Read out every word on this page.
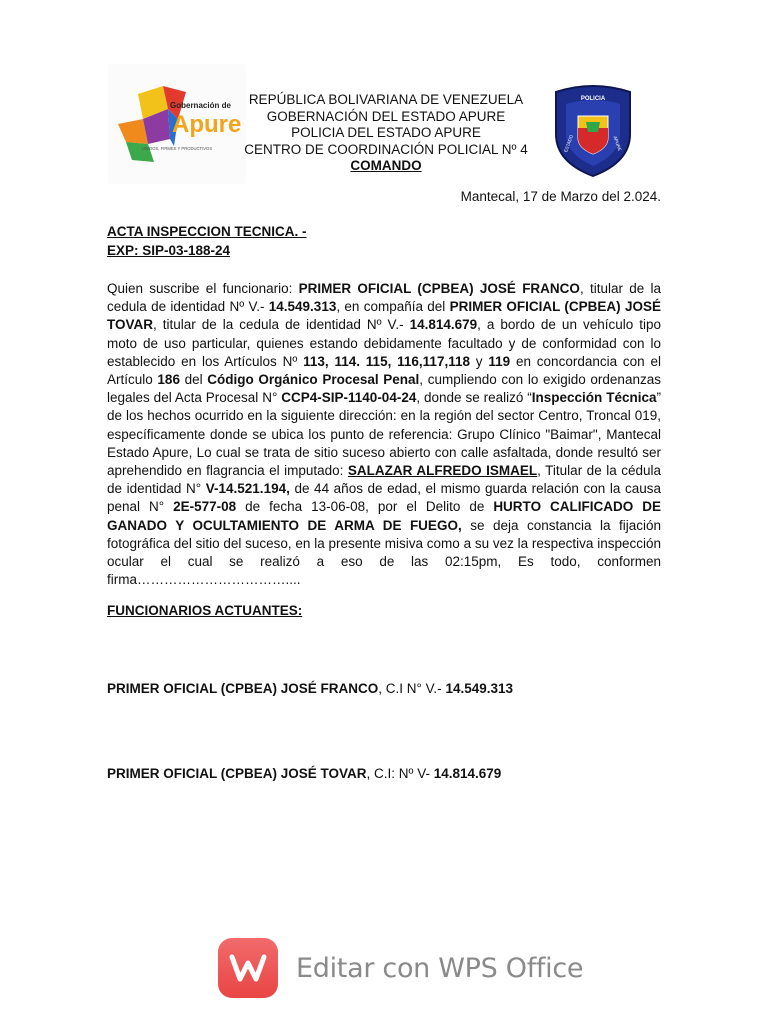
Gobernación de
Apure
UNIDOS, FIRMES Y PRODUCTIVOS
POLICIA
ESTADO	APURE
REPÚBLICA BOLIVARIANA DE VENEZUELA
GOBERNACIÓN DEL ESTADO APURE
POLICIA DEL ESTADO APURE
CENTRO DE COORDINACIÓN POLICIAL Nº 4
COMANDO
Mantecal, 17 de Marzo del 2.024.
ACTA INSPECCION TECNICA. -
EXP: SIP-03-188-24
Quien suscribe el funcionario: PRIMER OFICIAL (CPBEA) JOSÉ FRANCO, titular de la cedula de identidad Nº V.- 14.549.313, en compañía del PRIMER OFICIAL (CPBEA) JOSÉ TOVAR, titular de la cedula de identidad Nº V.- 14.814.679, a bordo de un vehículo tipo moto de uso particular, quienes estando debidamente facultado y de conformidad con lo establecido en los Artículos Nº 113, 114. 115, 116,117,118 y 119 en concordancia con el Artículo 186 del Código Orgánico Procesal Penal, cumpliendo con lo exigido ordenanzas legales del Acta Procesal N° CCP4-SIP-1140-04-24, donde se realizó “Inspección Técnica” de los hechos ocurrido en la siguiente dirección: en la región del sector Centro, Troncal 019, específicamente donde se ubica los punto de referencia: Grupo Clínico "Baimar", Mantecal Estado Apure, Lo cual se trata de sitio suceso abierto con calle asfaltada, donde resultó ser aprehendido en flagrancia el imputado: SALAZAR ALFREDO ISMAEL, Titular de la cédula de identidad N° V-14.521.194, de 44 años de edad, el mismo guarda relación con la causa penal N° 2E-577-08 de fecha 13-06-08, por el Delito de HURTO CALIFICADO DE GANADO Y OCULTAMIENTO DE ARMA DE FUEGO, se deja constancia la fijación fotográfica del sitio del suceso, en la presente misiva como a su vez la respectiva inspección ocular el cual se realizó a eso de las 02:15pm, Es todo, conformen firma……………………………....
FUNCIONARIOS ACTUANTES:
PRIMER OFICIAL (CPBEA) JOSÉ FRANCO, C.I N° V.- 14.549.313
PRIMER OFICIAL (CPBEA) JOSÉ TOVAR, C.I: Nº V- 14.814.679
Editar con WPS Office
